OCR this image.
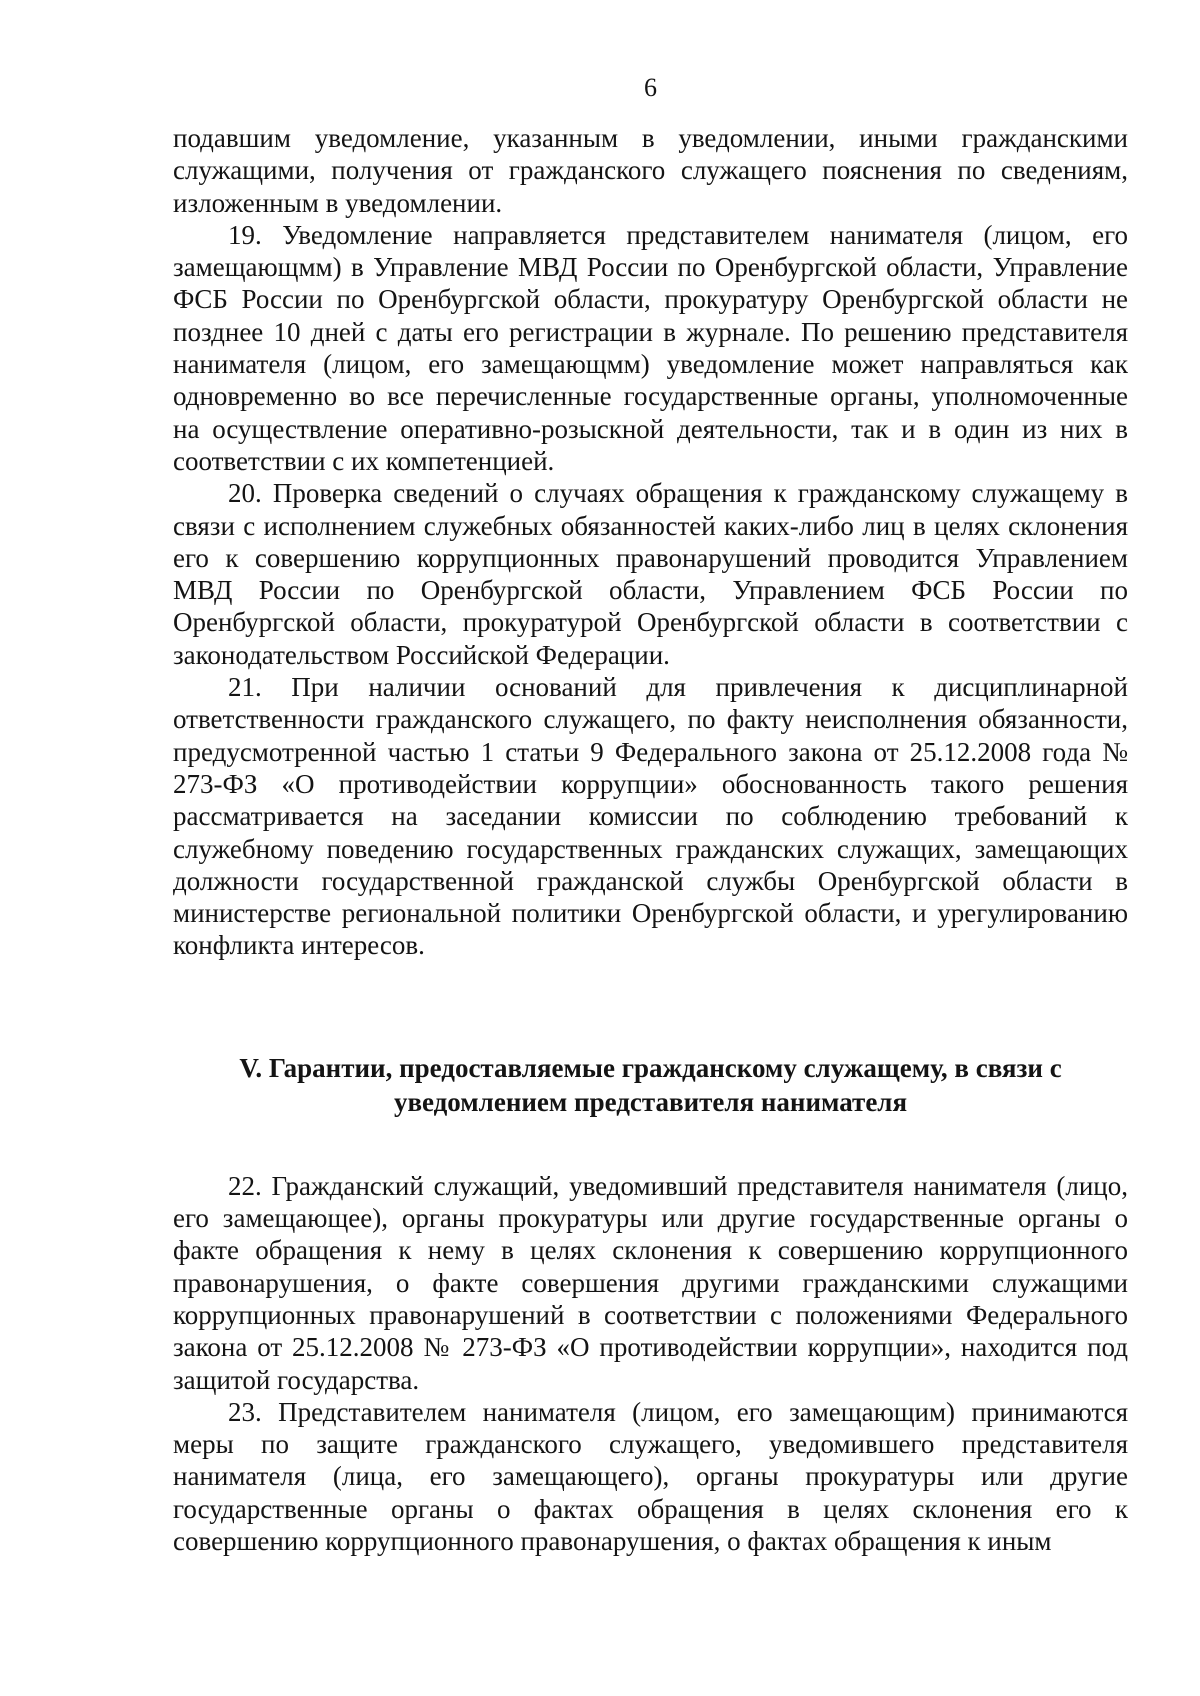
6

подавшим уведомление, указанным в уведомлении, иными гражданскими служащими, получения от гражданского служащего пояснения по сведениям, изложенным в уведомлении.

19. Уведомление направляется представителем нанимателя (лицом, его замещающмм) в Управление МВД России по Оренбургской области, Управление ФСБ России по Оренбургской области, прокуратуру Оренбургской области не позднее 10 дней с даты его регистрации в журнале. По решению представителя нанимателя (лицом, его замещающмм) уведомление может направляться как одновременно во все перечисленные государственные органы, уполномоченные на осуществление оперативно-розыскной деятельности, так и в один из них в соответствии с их компетенцией.

20. Проверка сведений о случаях обращения к гражданскому служащему в связи с исполнением служебных обязанностей каких-либо лиц в целях склонения его к совершению коррупционных правонарушений проводится Управлением МВД России по Оренбургской области, Управлением ФСБ России по Оренбургской области, прокуратурой Оренбургской области в соответствии с законодательством Российской Федерации.

21. При наличии оснований для привлечения к дисциплинарной ответственности гражданского служащего, по факту неисполнения обязанности, предусмотренной частью 1 статьи 9 Федерального закона от 25.12.2008 года № 273-ФЗ «О противодействии коррупции» обоснованность такого решения рассматривается на заседании комиссии по соблюдению требований к служебному поведению государственных гражданских служащих, замещающих должности государственной гражданской службы Оренбургской области в министерстве региональной политики Оренбургской области, и урегулированию конфликта интересов.

V. Гарантии, предоставляемые гражданскому служащему, в связи с
уведомлением представителя нанимателя

22. Гражданский служащий, уведомивший представителя нанимателя (лицо, его замещающее), органы прокуратуры или другие государственные органы о факте обращения к нему в целях склонения к совершению коррупционного правонарушения, о факте совершения другими гражданскими служащими коррупционных правонарушений в соответствии с положениями Федерального закона от 25.12.2008 № 273-ФЗ «О противодействии коррупции», находится под защитой государства.

23. Представителем нанимателя (лицом, его замещающим) принимаются меры по защите гражданского служащего, уведомившего представителя нанимателя (лица, его замещающего), органы прокуратуры или другие государственные органы о фактах обращения в целях склонения его к совершению коррупционного правонарушения, о фактах обращения к иным
